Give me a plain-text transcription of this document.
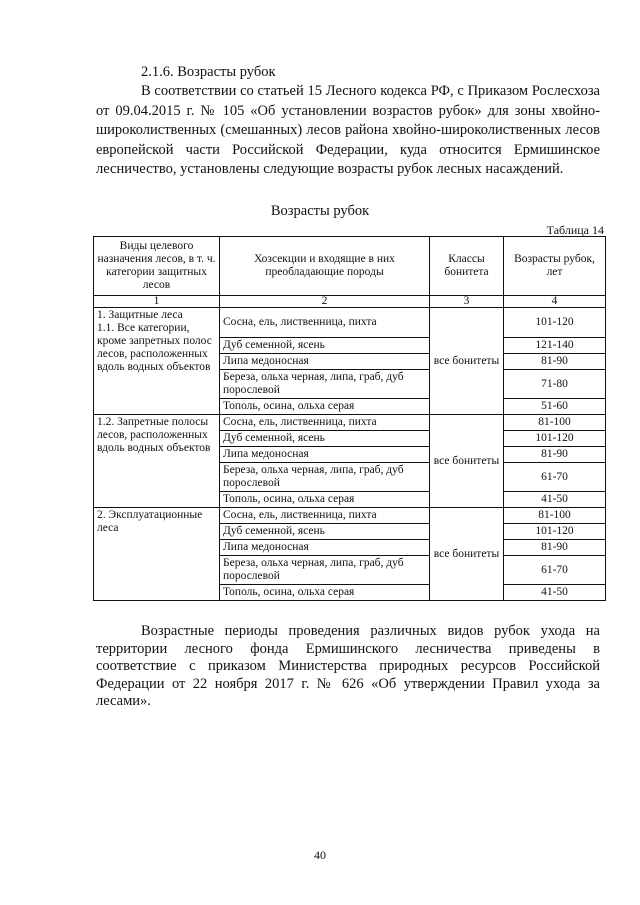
2.1.6. Возрасты рубок

В соответствии со статьей 15 Лесного кодекса РФ, с Приказом Рослесхоза от 09.04.2015 г. № 105 «Об установлении возрастов рубок» для зоны хвойно-широколиственных (смешанных) лесов района хвойно-широколиственных лесов европейской части Российской Федерации, куда относится Ермишинское лесничество, установлены следующие возрасты рубок лесных насаждений.

Возрасты рубок
Таблица 14
Виды целевого назначения лесов, в т. ч. категории защитных лесов	Хозсекции и входящие в них преобладающие породы	Классы бонитета	Возрасты рубок, лет
1	2	3	4
1. Защитные леса
1.1. Все категории, кроме запретных полос лесов, расположенных вдоль водных объектов	Сосна, ель, лиственница, пихта	все бонитеты	101-120
	Дуб семенной, ясень		121-140
	Липа медоносная		81-90
	Береза, ольха черная, липа, граб, дуб порослевой		71-80
	Тополь, осина, ольха серая		51-60
1.2. Запретные полосы лесов, расположенных вдоль водных объектов	Сосна, ель, лиственница, пихта	все бонитеты	81-100
	Дуб семенной, ясень		101-120
	Липа медоносная		81-90
	Береза, ольха черная, липа, граб, дуб порослевой		61-70
	Тополь, осина, ольха серая		41-50
2. Эксплуатационные леса	Сосна, ель, лиственница, пихта	все бонитеты	81-100
	Дуб семенной, ясень		101-120
	Липа медоносная		81-90
	Береза, ольха черная, липа, граб, дуб порослевой		61-70
	Тополь, осина, ольха серая		41-50

Возрастные периоды проведения различных видов рубок ухода на территории лесного фонда Ермишинского лесничества приведены в соответствие с приказом Министерства природных ресурсов Российской Федерации от 22 ноября 2017 г. № 626 «Об утверждении Правил ухода за лесами».

40
